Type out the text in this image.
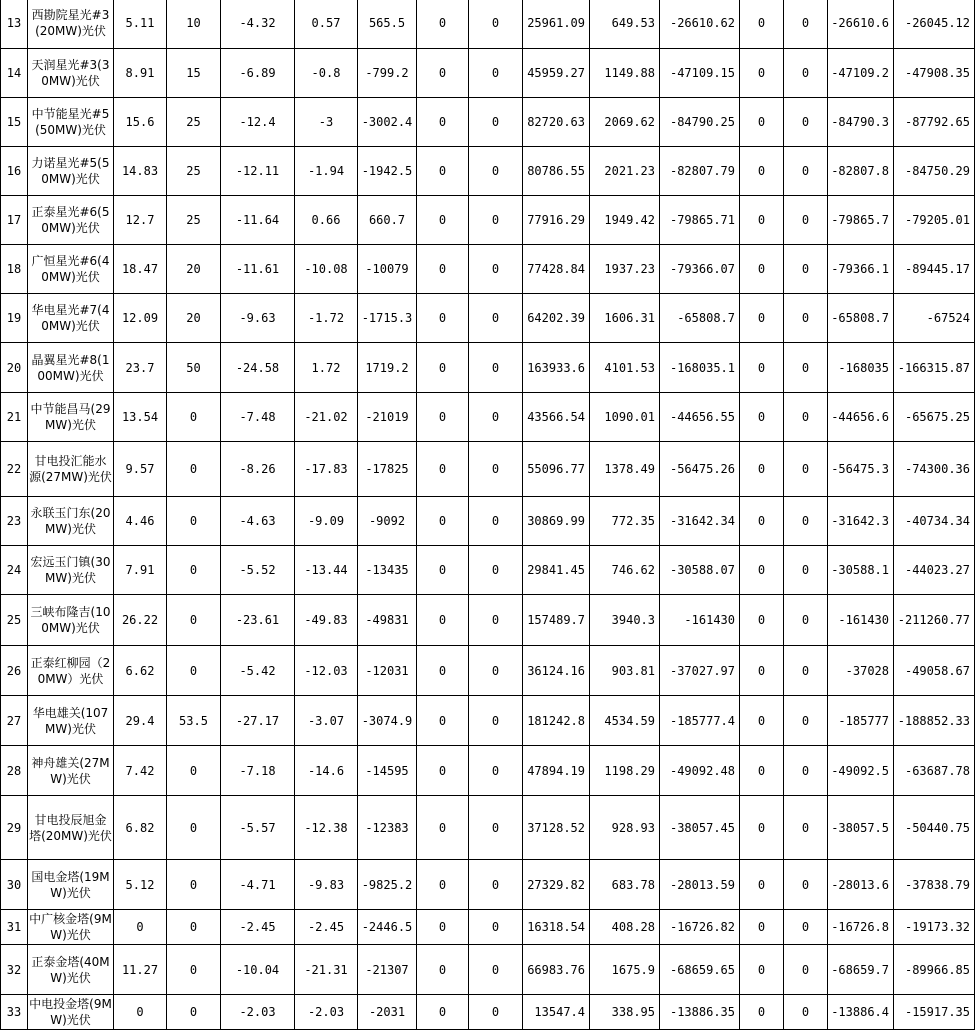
13	西勘院星光#3(20MW)光伏	5.11	10	-4.32	0.57	565.5	0	0	25961.09	649.53	-26610.62	0	0	-26610.6	-26045.12
14	天润星光#3(30MW)光伏	8.91	15	-6.89	-0.8	-799.2	0	0	45959.27	1149.88	-47109.15	0	0	-47109.2	-47908.35
15	中节能星光#5(50MW)光伏	15.6	25	-12.4	-3	-3002.4	0	0	82720.63	2069.62	-84790.25	0	0	-84790.3	-87792.65
16	力诺星光#5(50MW)光伏	14.83	25	-12.11	-1.94	-1942.5	0	0	80786.55	2021.23	-82807.79	0	0	-82807.8	-84750.29
17	正泰星光#6(50MW)光伏	12.7	25	-11.64	0.66	660.7	0	0	77916.29	1949.42	-79865.71	0	0	-79865.7	-79205.01
18	广恒星光#6(40MW)光伏	18.47	20	-11.61	-10.08	-10079	0	0	77428.84	1937.23	-79366.07	0	0	-79366.1	-89445.17
19	华电星光#7(40MW)光伏	12.09	20	-9.63	-1.72	-1715.3	0	0	64202.39	1606.31	-65808.7	0	0	-65808.7	-67524
20	晶翼星光#8(100MW)光伏	23.7	50	-24.58	1.72	1719.2	0	0	163933.6	4101.53	-168035.1	0	0	-168035	-166315.87
21	中节能昌马(29MW)光伏	13.54	0	-7.48	-21.02	-21019	0	0	43566.54	1090.01	-44656.55	0	0	-44656.6	-65675.25
22	甘电投汇能水源(27MW)光伏	9.57	0	-8.26	-17.83	-17825	0	0	55096.77	1378.49	-56475.26	0	0	-56475.3	-74300.36
23	永联玉门东(20MW)光伏	4.46	0	-4.63	-9.09	-9092	0	0	30869.99	772.35	-31642.34	0	0	-31642.3	-40734.34
24	宏远玉门镇(30MW)光伏	7.91	0	-5.52	-13.44	-13435	0	0	29841.45	746.62	-30588.07	0	0	-30588.1	-44023.27
25	三峡布隆吉(100MW)光伏	26.22	0	-23.61	-49.83	-49831	0	0	157489.7	3940.3	-161430	0	0	-161430	-211260.77
26	正泰红柳园（20MW）光伏	6.62	0	-5.42	-12.03	-12031	0	0	36124.16	903.81	-37027.97	0	0	-37028	-49058.67
27	华电雄关(107MW)光伏	29.4	53.5	-27.17	-3.07	-3074.9	0	0	181242.8	4534.59	-185777.4	0	0	-185777	-188852.33
28	神舟雄关(27MW)光伏	7.42	0	-7.18	-14.6	-14595	0	0	47894.19	1198.29	-49092.48	0	0	-49092.5	-63687.78
29	甘电投辰旭金塔(20MW)光伏	6.82	0	-5.57	-12.38	-12383	0	0	37128.52	928.93	-38057.45	0	0	-38057.5	-50440.75
30	国电金塔(19MW)光伏	5.12	0	-4.71	-9.83	-9825.2	0	0	27329.82	683.78	-28013.59	0	0	-28013.6	-37838.79
31	中广核金塔(9MW)光伏	0	0	-2.45	-2.45	-2446.5	0	0	16318.54	408.28	-16726.82	0	0	-16726.8	-19173.32
32	正泰金塔(40MW)光伏	11.27	0	-10.04	-21.31	-21307	0	0	66983.76	1675.9	-68659.65	0	0	-68659.7	-89966.85
33	中电投金塔(9MW)光伏	0	0	-2.03	-2.03	-2031	0	0	13547.4	338.95	-13886.35	0	0	-13886.4	-15917.35
